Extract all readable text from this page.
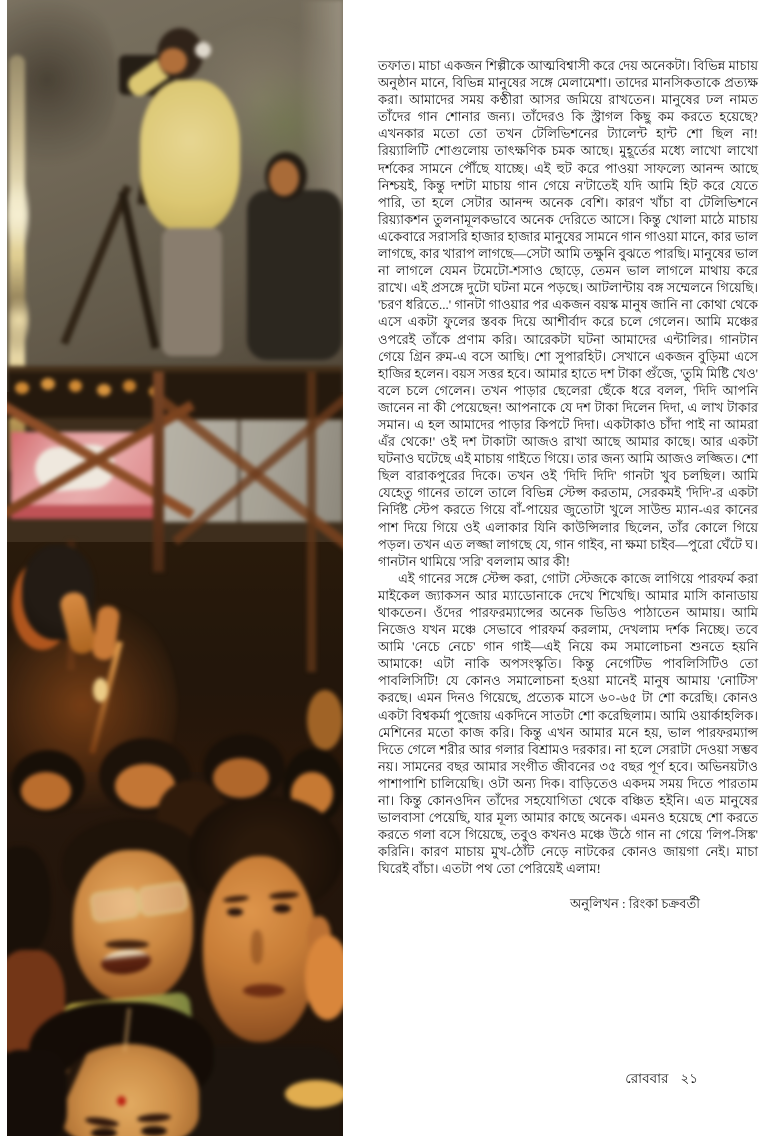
তফাত। মাচা একজন শিল্পীকে আত্মবিশ্বাসী করে দেয় অনেকটা। বিভিন্ন মাচায় অনুষ্ঠান মানে, বিভিন্ন মানুষের সঙ্গে মেলামেশা। তাদের মানসিকতাকে প্রত্যক্ষ করা। আমাদের সময় কণ্ঠীরা আসর জমিয়ে রাখতেন। মানুষের ঢল নামত তাঁদের গান শোনার জন্য। তাঁদেরও কি স্ট্রাগল কিছু কম করতে হয়েছে? এখনকার মতো তো তখন টেলিভিশনের ট্যালেন্ট হান্ট শো ছিল না! রিয়্যালিটি শোগুলোয় তাৎক্ষণিক চমক আছে। মুহূর্তের মধ্যে লাখো লাখো দর্শকের সামনে পৌঁছে যাচ্ছে। এই হুট করে পাওয়া সাফল্যে আনন্দ আছে নিশ্চয়ই, কিন্তু দশটা মাচায় গান গেয়ে ন'টাতেই যদি আমি হিট করে যেতে পারি, তা হলে সেটার আনন্দ অনেক বেশি। কারণ খাঁচা বা টেলিভিশনে রিয়্যাকশন তুলনামূলকভাবে অনেক দেরিতে আসে। কিন্তু খোলা মাঠে মাচায় একেবারে সরাসরি হাজার হাজার মানুষের সামনে গান গাওয়া মানে, কার ভাল লাগছে, কার খারাপ লাগছে—সেটা আমি তক্ষুনি বুঝতে পারছি। মানুষের ভাল না লাগলে যেমন টমেটো-শসাও ছোড়ে, তেমন ভাল লাগলে মাথায় করে রাখে। এই প্রসঙ্গে দুটো ঘটনা মনে পড়ছে। আটলান্টায় বঙ্গ সম্মেলনে গিয়েছি। 'চরণ ধরিতে...' গানটা গাওয়ার পর একজন বয়স্ক মানুষ জানি না কোথা থেকে এসে একটা ফুলের স্তবক দিয়ে আশীর্বাদ করে চলে গেলেন। আমি মঞ্চের ওপরেই তাঁকে প্রণাম করি। আরেকটা ঘটনা আমাদের এন্টালির। গানটান গেয়ে গ্রিন রুম-এ বসে আছি। শো সুপারহিট। সেখানে একজন বুড়িমা এসে হাজির হলেন। বয়স সত্তর হবে। আমার হাতে দশ টাকা গুঁজে, 'তুমি মিষ্টি খেও' বলে চলে গেলেন। তখন পাড়ার ছেলেরা ছেঁকে ধরে বলল, 'দিদি আপনি জানেন না কী পেয়েছেন! আপনাকে যে দশ টাকা দিলেন দিদা, এ লাখ টাকার সমান। এ হল আমাদের পাড়ার কিপটে দিদা। একটাকাও চাঁদা পাই না আমরা এঁর থেকে!' ওই দশ টাকাটা আজও রাখা আছে আমার কাছে। আর একটা ঘটনাও ঘটেছে এই মাচায় গাইতে গিয়ে। তার জন্য আমি আজও লজ্জিত। শো ছিল বারাকপুরের দিকে। তখন ওই 'দিদি দিদি' গানটা খুব চলছিল। আমি যেহেতু গানের তালে তালে বিভিন্ন স্টেপ্স করতাম, সেরকমই 'দিদি'-র একটা নির্দিষ্ট স্টেপ করতে গিয়ে বাঁ-পায়ের জুতোটা খুলে সাউন্ড ম্যান-এর কানের পাশ দিয়ে গিয়ে ওই এলাকার যিনি কাউন্সিলার ছিলেন, তাঁর কোলে গিয়ে পড়ল। তখন এত লজ্জা লাগছে যে, গান গাইব, না ক্ষমা চাইব—পুরো ঘেঁটে ঘ। গানটান থামিয়ে 'সরি' বললাম আর কী!

এই গানের সঙ্গে স্টেপ্স করা, গোটা স্টেজকে কাজে লাগিয়ে পারফর্ম করা মাইকেল জ্যাকসন আর ম্যাডোনাকে দেখে শিখেছি। আমার মাসি কানাডায় থাকতেন। ওঁদের পারফরম্যান্সের অনেক ভিডিও পাঠাতেন আমায়। আমি নিজেও যখন মঞ্চে সেভাবে পারফর্ম করলাম, দেখলাম দর্শক নিচ্ছে। তবে আমি 'নেচে নেচে' গান গাই—এই নিয়ে কম সমালোচনা শুনতে হয়নি আমাকে! এটা নাকি অপসংস্কৃতি। কিন্তু নেগেটিভ পাবলিসিটিও তো পাবলিসিটি! যে কোনও সমালোচনা হওয়া মানেই মানুষ আমায় 'নোটিস' করছে। এমন দিনও গিয়েছে, প্রত্যেক মাসে ৬০-৬৫ টা শো করেছি। কোনও একটা বিশ্বকর্মা পুজোয় একদিনে সাতটা শো করেছিলাম। আমি ওয়ার্কাহলিক। মেশিনের মতো কাজ করি। কিন্তু এখন আমার মনে হয়, ভাল পারফরম্যান্স দিতে গেলে শরীর আর গলার বিশ্রামও দরকার। না হলে সেরাটা দেওয়া সম্ভব নয়। সামনের বছর আমার সংগীত জীবনের ৩৫ বছর পূর্ণ হবে। অভিনয়টাও পাশাপাশি চালিয়েছি। ওটা অন্য দিক। বাড়িতেও একদম সময় দিতে পারতাম না। কিন্তু কোনওদিন তাঁদের সহযোগিতা থেকে বঞ্চিত হইনি। এত মানুষের ভালবাসা পেয়েছি, যার মূল্য আমার কাছে অনেক। এমনও হয়েছে শো করতে করতে গলা বসে গিয়েছে, তবুও কখনও মঞ্চে উঠে গান না গেয়ে 'লিপ-সিঙ্ক' করিনি। কারণ মাচায় মুখ-ঠোঁট নেড়ে নাটকের কোনও জায়গা নেই। মাচা ঘিরেই বাঁচা। এতটা পথ তো পেরিয়েই এলাম!

অনুলিখন : রিংকা চক্রবর্তী
রোববার ২১
